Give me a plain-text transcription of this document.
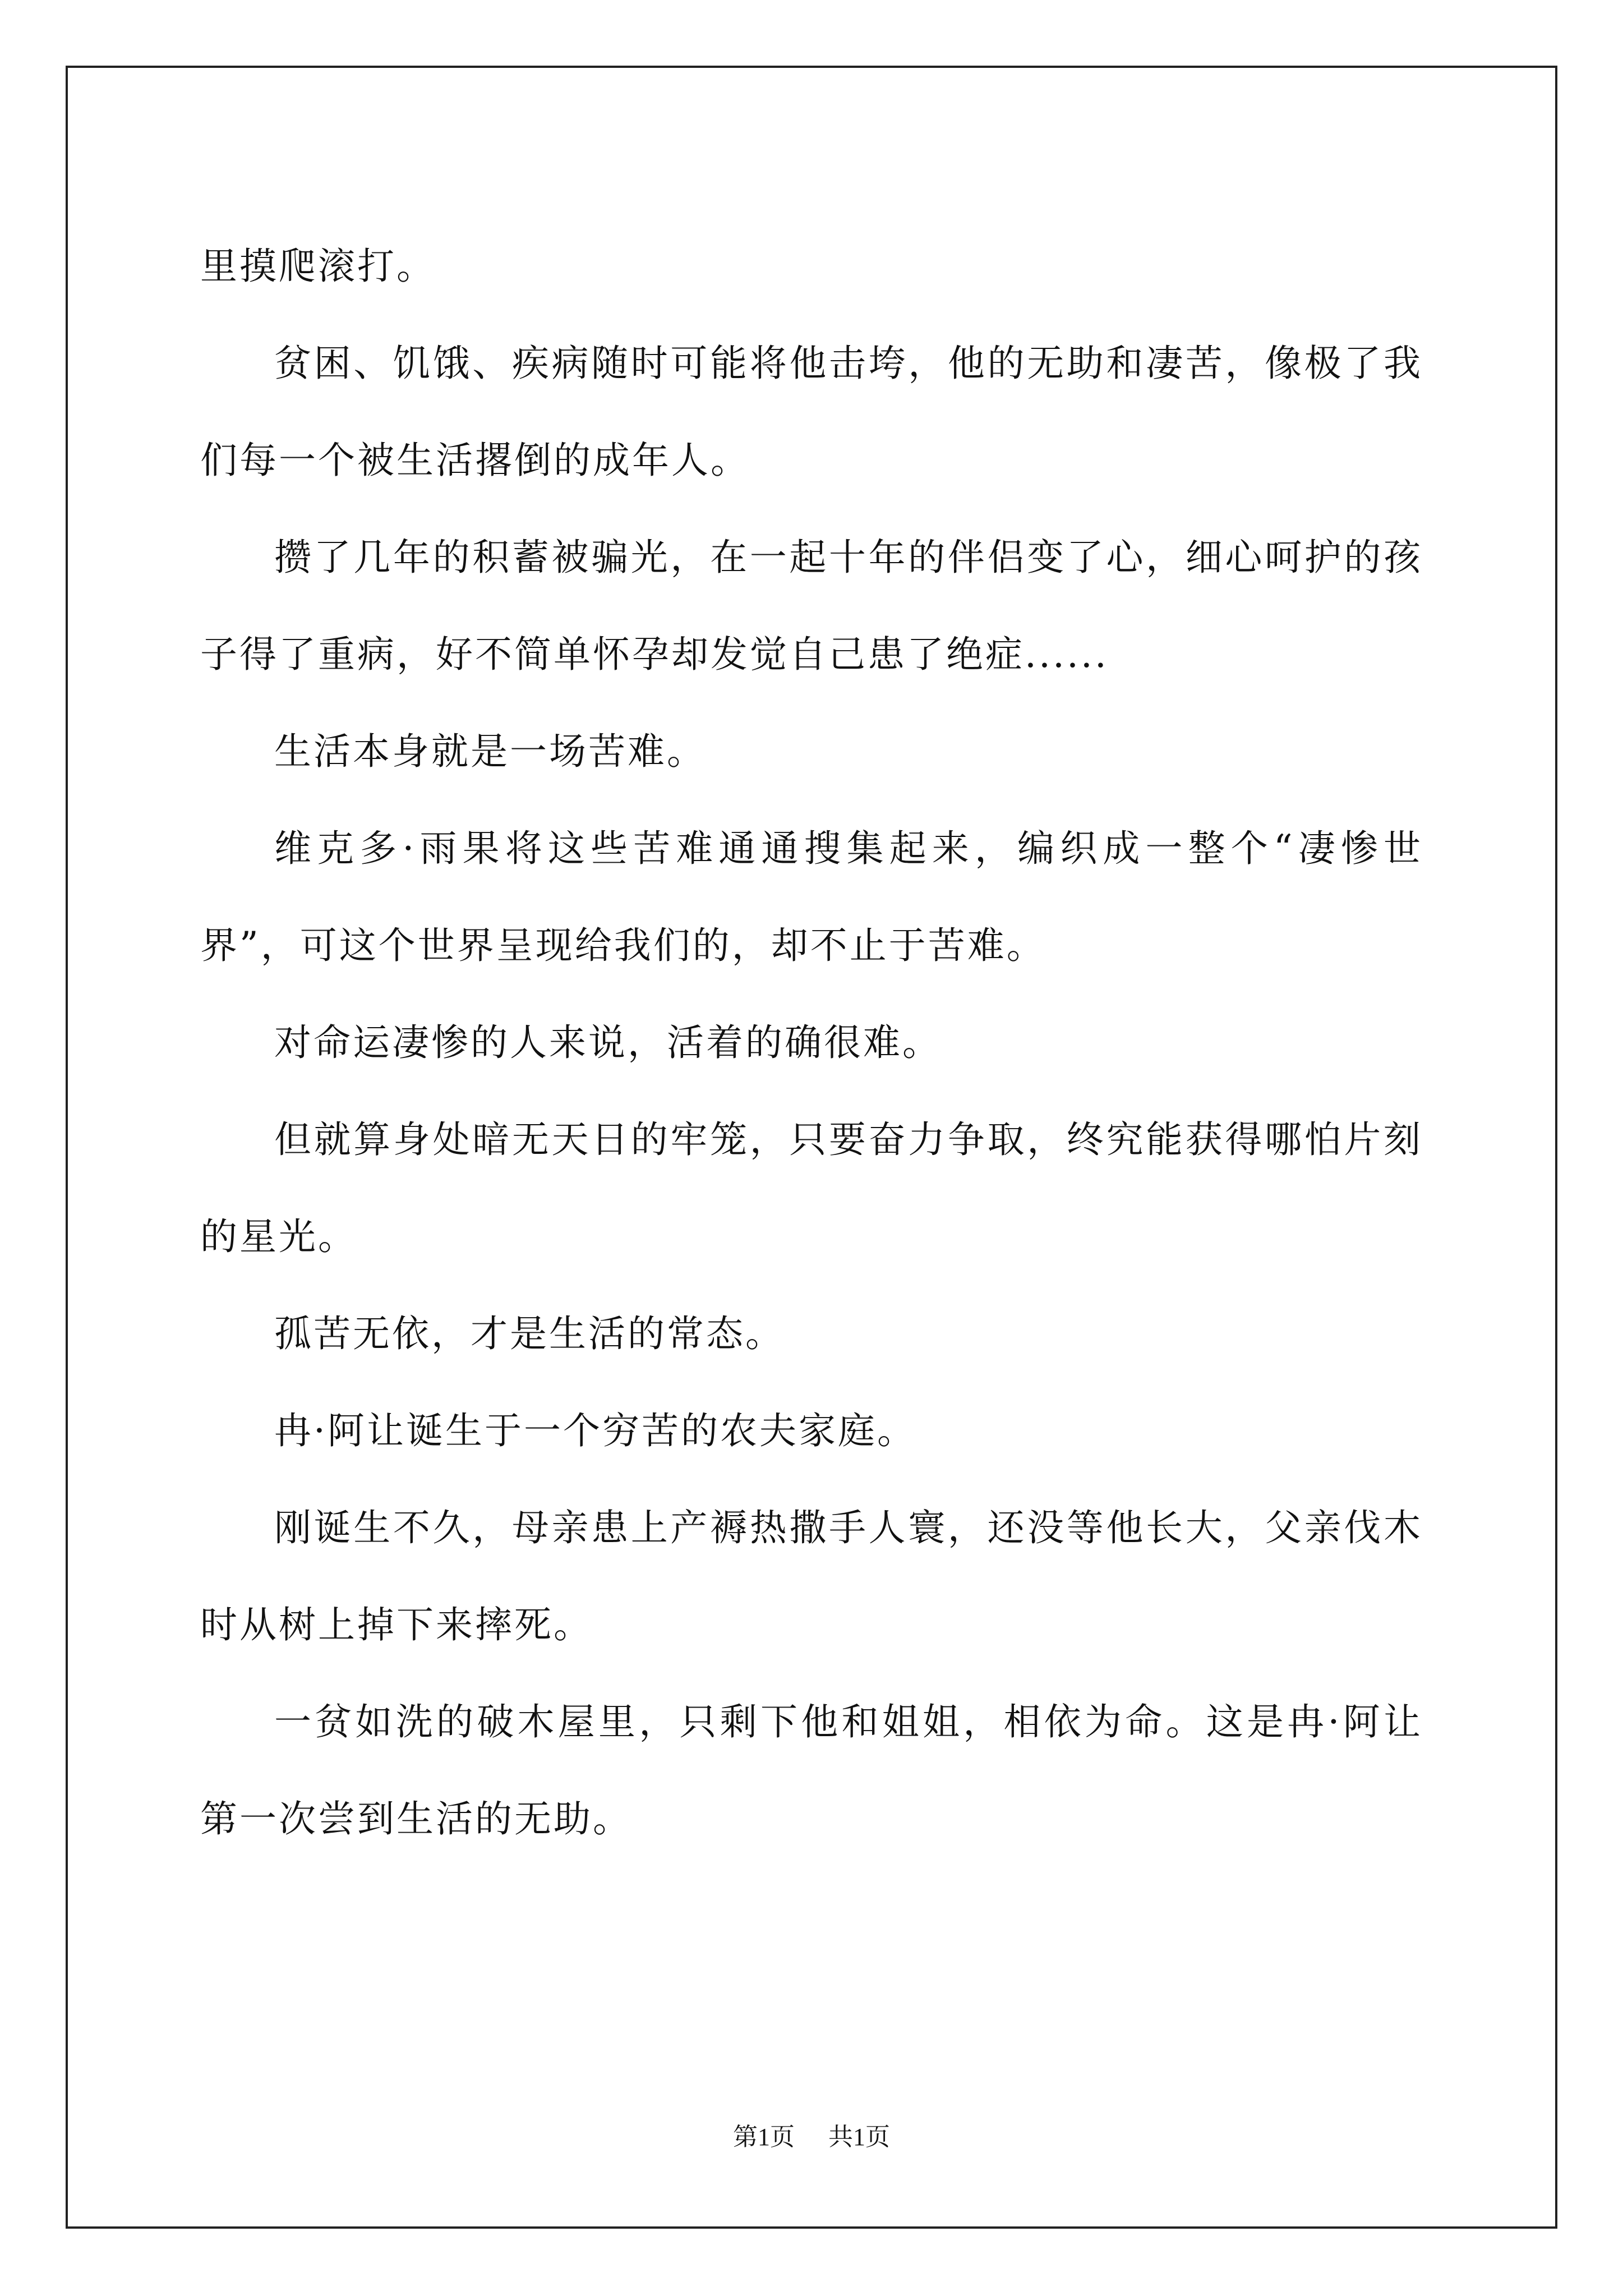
里摸爬滚打。

贫困、饥饿、疾病随时可能将他击垮，他的无助和凄苦，像极了我们每一个被生活撂倒的成年人。

攒了几年的积蓄被骗光，在一起十年的伴侣变了心，细心呵护的孩子得了重病，好不简单怀孕却发觉自己患了绝症......

生活本身就是一场苦难。

维克多·雨果将这些苦难通通搜集起来，编织成一整个“凄惨世界”，可这个世界呈现给我们的，却不止于苦难。

对命运凄惨的人来说，活着的确很难。

但就算身处暗无天日的牢笼，只要奋力争取，终究能获得哪怕片刻的星光。

孤苦无依，才是生活的常态。

冉·阿让诞生于一个穷苦的农夫家庭。

刚诞生不久，母亲患上产褥热撒手人寰，还没等他长大，父亲伐木时从树上掉下来摔死。

一贫如洗的破木屋里，只剩下他和姐姐，相依为命。这是冉·阿让第一次尝到生活的无助。

第1页 共1页
